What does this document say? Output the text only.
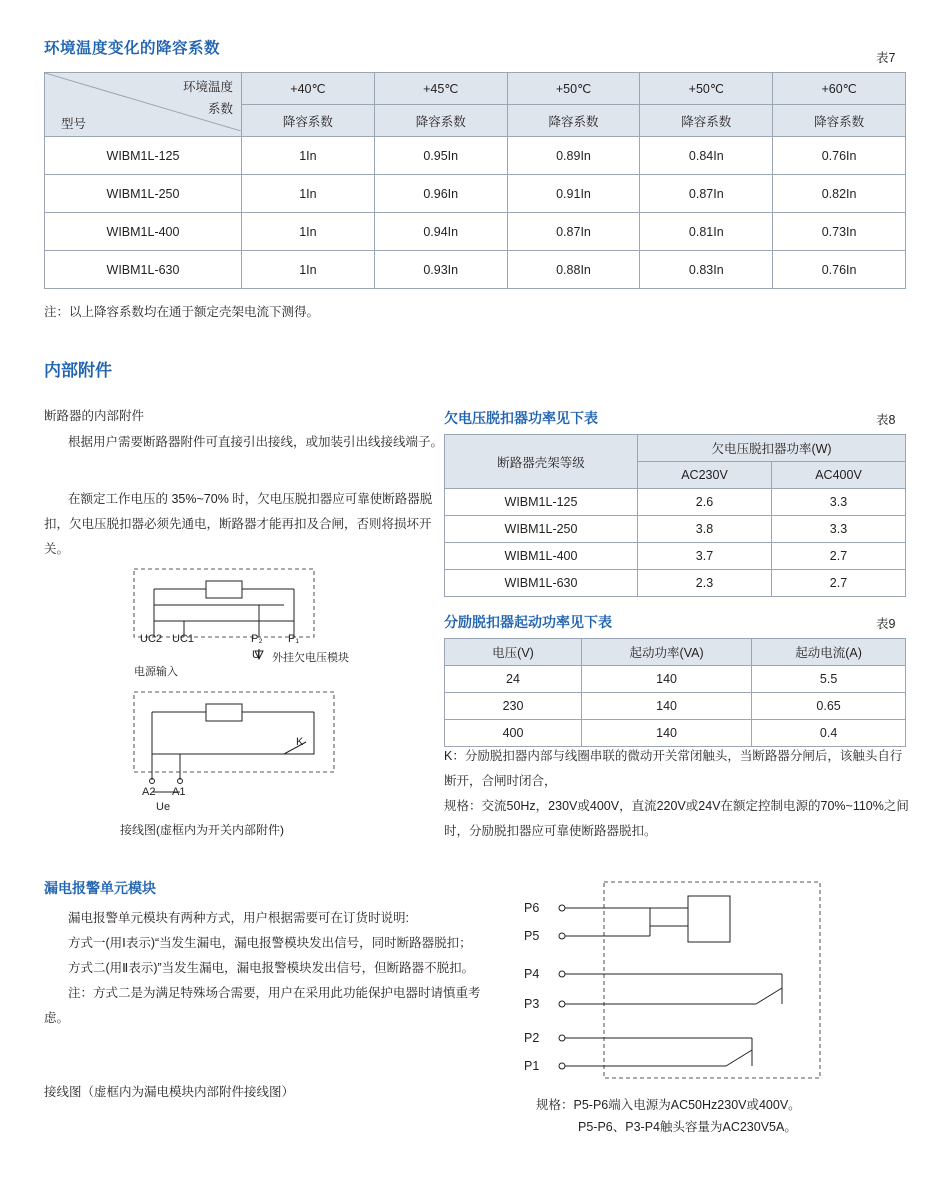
环境温度变化的降容系数
表7
环境温度
型号
系数	+40℃	+45℃	+50℃	+50℃	+60℃
	降容系数	降容系数	降容系数	降容系数	降容系数
WIBM1L-125	1In	0.95In	0.89In	0.84In	0.76In
WIBM1L-250	1In	0.96In	0.91In	0.87In	0.82In
WIBM1L-400	1In	0.94In	0.87In	0.81In	0.73In
WIBM1L-630	1In	0.93In	0.88In	0.83In	0.76In
注：以上降容系数均在通于额定壳架电流下测得。
内部附件
断路器的内部附件
根据用户需要断路器附件可直接引出接线，或加装引出线接线端子。
在额定工作电压的 35%~70% 时，欠电压脱扣器应可靠使断路器脱扣，欠电压脱扣器必须先通电，断路器才能再扣及合闸，否则将损坏开关。
UC2 UC1	P₂ P₁
U 外挂欠电压模块
电源输入
K
A2 A1
Ue
接线图(虚框内为开关内部附件)
欠电压脱扣器功率见下表	表8
断路器壳架等级	欠电压脱扣器功率(W)	
	AC230V	AC400V
WIBM1L-125	2.6	3.3
WIBM1L-250	3.8	3.3
WIBM1L-400	3.7	2.7
WIBM1L-630	2.3	2.7
分励脱扣器起动功率见下表	表9
电压(V)	起动功率(VA)	起动电流(A)
24	140	5.5
230	140	0.65
400	140	0.4
K：分励脱扣器内部与线圈串联的微动开关常闭触头，当断路器分闸后，该触头自行断开，合闸时闭合，
规格：交流50Hz，230V或400V，直流220V或24V在额定控制电源的70%~110%之间时，分励脱扣器应可靠使断路器脱扣。
漏电报警单元模块
漏电报警单元模块有两种方式，用户根据需要可在订货时说明:
方式一(用Ⅰ表示)“当发生漏电，漏电报警模块发出信号，同时断路器脱扣；
方式二(用Ⅱ表示)”当发生漏电，漏电报警模块发出信号，但断路器不脱扣。
注：方式二是为满足特殊场合需要，用户在采用此功能保护电器时请慎重考虑。
接线图（虚框内为漏电模块内部附件接线图）
P6
P5
P4
P3
P2
P1
规格：P5-P6端入电源为AC50Hz230V或400V。
P5-P6、P3-P4触头容量为AC230V5A。
